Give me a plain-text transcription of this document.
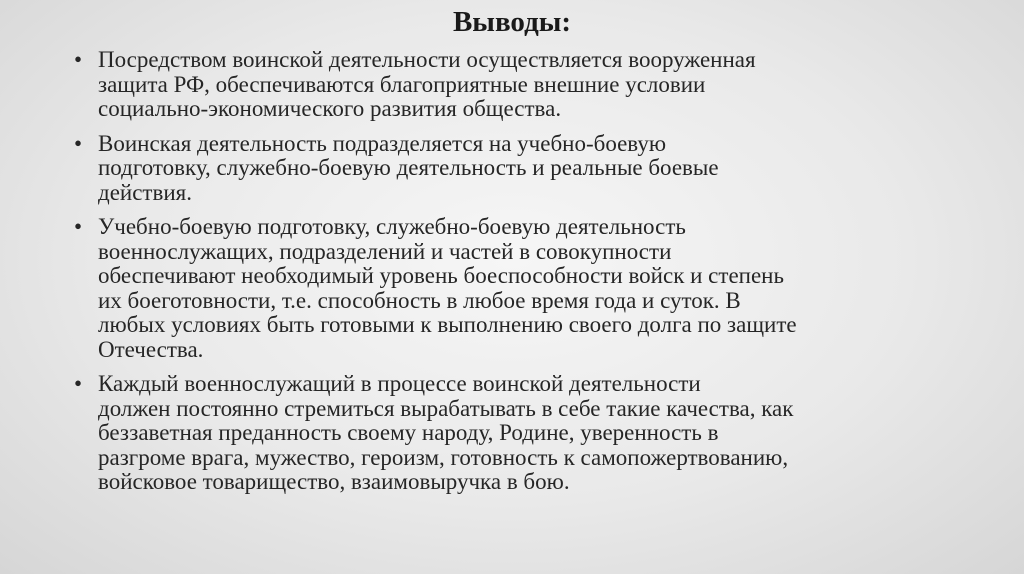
Выводы:
• Посредством воинской деятельности осуществляется вооруженная
защита РФ, обеспечиваются благоприятные внешние условии
социально-экономического развития общества.
• Воинская деятельность подразделяется на учебно-боевую
подготовку, служебно-боевую деятельность и реальные боевые
действия.
• Учебно-боевую подготовку, служебно-боевую деятельность
военнослужащих, подразделений и частей в совокупности
обеспечивают необходимый уровень боеспособности войск и степень
их боеготовности, т.е. способность в любое время года и суток. В
любых условиях быть готовыми к выполнению своего долга по защите
Отечества.
• Каждый военнослужащий в процессе воинской деятельности
должен постоянно стремиться вырабатывать в себе такие качества, как
беззаветная преданность своему народу, Родине, уверенность в
разгроме врага, мужество, героизм, готовность к самопожертвованию,
войсковое товарищество, взаимовыручка в бою.
